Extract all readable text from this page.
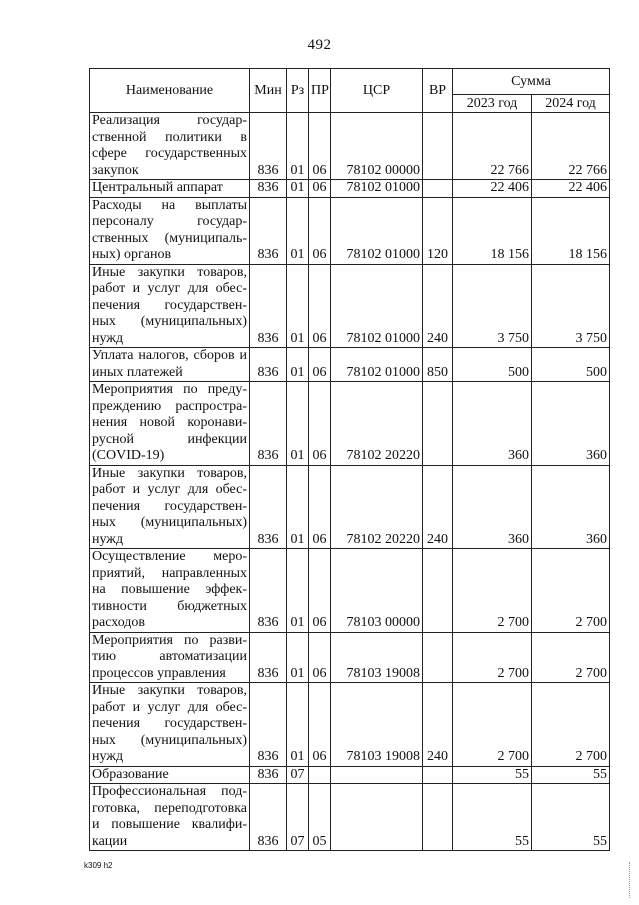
492
Наименование	Мин	Рз	ПР	ЦСР	ВР	Сумма	
						2023 год	2024 год
Реализация государ-ственной политики в сфере государственных закупок	836	01	06	78102 00000		22 766	22 766
Центральный аппарат	836	01	06	78102 01000		22 406	22 406
Расходы на выплаты персоналу государ-ственных (муниципаль-ных) органов	836	01	06	78102 01000	120	18 156	18 156
Иные закупки товаров, работ и услуг для обес-печения государствен-ных (муниципальных) нужд	836	01	06	78102 01000	240	3 750	3 750
Уплата налогов, сборов и иных платежей	836	01	06	78102 01000	850	500	500
Мероприятия по преду-преждению распростра-нения новой коронави-русной инфекции (COVID-19)	836	01	06	78102 20220		360	360
Иные закупки товаров, работ и услуг для обес-печения государствен-ных (муниципальных) нужд	836	01	06	78102 20220	240	360	360
Осуществление меро-приятий, направленных на повышение эффек-тивности бюджетных расходов	836	01	06	78103 00000		2 700	2 700
Мероприятия по разви-тию автоматизации процессов управления	836	01	06	78103 19008		2 700	2 700
Иные закупки товаров, работ и услуг для обес-печения государствен-ных (муниципальных) нужд	836	01	06	78103 19008	240	2 700	2 700
Образование	836	07				55	55
Профессиональная под-готовка, переподготовка и повышение квалифи-кации	836	07	05			55	55
k309 h2
